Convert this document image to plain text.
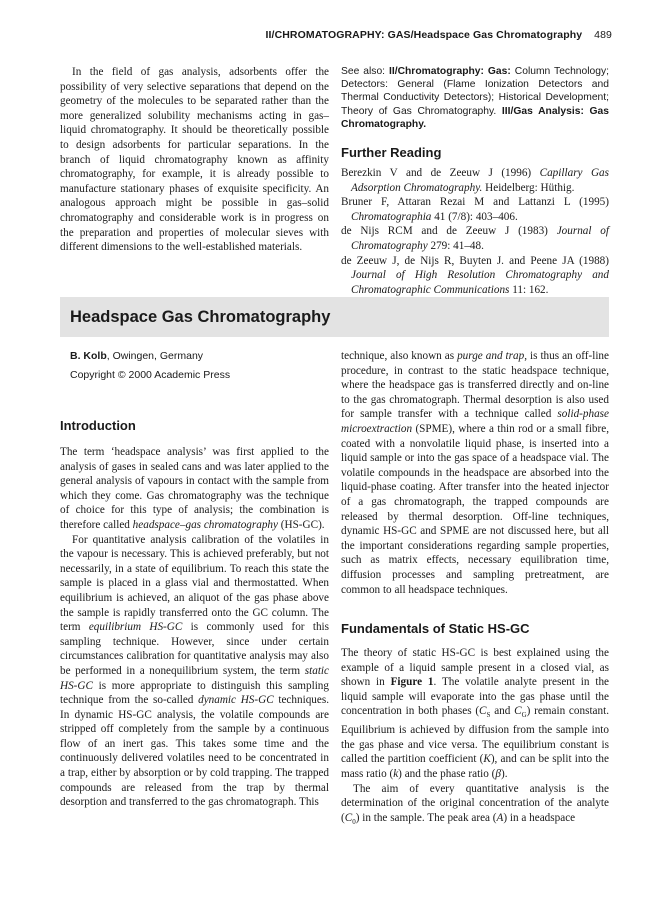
II/CHROMATOGRAPHY: GAS/Headspace Gas Chromatography 489

In the field of gas analysis, adsorbents offer the possibility of very selective separations that depend on the geometry of the molecules to be separated rather than the more generalized solubility mechanisms acting in gas–liquid chromatography. It should be theoretically possible to design adsorbents for particular separations. In the branch of liquid chromatography known as affinity chromatography, for example, it is already possible to manufacture stationary phases of exquisite specificity. An analogous approach might be possible in gas–solid chromatography and considerable work is in progress on the preparation and properties of molecular sieves with different dimensions to the well-established materials.

See also: II/Chromatography: Gas: Column Technology; Detectors: General (Flame Ionization Detectors and Thermal Conductivity Detectors); Historical Development; Theory of Gas Chromatography. III/Gas Analysis: Gas Chromatography.

Further Reading

Berezkin V and de Zeeuw J (1996) Capillary Gas Adsorption Chromatography. Heidelberg: Hüthig.

Bruner F, Attaran Rezai M and Lattanzi L (1995) Chromatographia 41 (7/8): 403–406.

de Nijs RCM and de Zeeuw J (1983) Journal of Chromatography 279: 41–48.

de Zeeuw J, de Nijs R, Buyten J. and Peene JA (1988) Journal of High Resolution Chromatography and Chromatographic Communications 11: 162.

Headspace Gas Chromatography
B. Kolb, Owingen, Germany
Copyright © 2000 Academic Press
Introduction

The term ‘headspace analysis’ was first applied to the analysis of gases in sealed cans and was later applied to the general analysis of vapours in contact with the sample from which they come. Gas chromatography was the technique of choice for this type of analysis; the combination is therefore called headspace–gas chromatography (HS-GC).

For quantitative analysis calibration of the volatiles in the vapour is necessary. This is achieved preferably, but not necessarily, in a state of equilibrium. To reach this state the sample is placed in a glass vial and thermostatted. When equilibrium is achieved, an aliquot of the gas phase above the sample is rapidly transferred onto the GC column. The term equilibrium HS-GC is commonly used for this sampling technique. However, since under certain circumstances calibration for quantitative analysis may also be performed in a nonequilibrium system, the term static HS-GC is more appropriate to distinguish this sampling technique from the so-called dynamic HS-GC techniques. In dynamic HS-GC analysis, the volatile compounds are stripped off completely from the sample by a continuous flow of an inert gas. This takes some time and the continuously delivered volatiles need to be concentrated in a trap, either by absorption or by cold trapping. The trapped compounds are released from the trap by thermal desorption and transferred to the gas chromatograph. This

technique, also known as purge and trap, is thus an off-line procedure, in contrast to the static headspace technique, where the headspace gas is transferred directly and on-line to the gas chromatograph. Thermal desorption is also used for sample transfer with a technique called solid-phase microextraction (SPME), where a thin rod or a small fibre, coated with a nonvolatile liquid phase, is inserted into a liquid sample or into the gas space of a headspace vial. The volatile compounds in the headspace are absorbed into the liquid-phase coating. After transfer into the heated injector of a gas chromatograph, the trapped compounds are released by thermal desorption. Off-line techniques, dynamic HS-GC and SPME are not discussed here, but all the important considerations regarding sample properties, such as matrix effects, necessary equilibration time, diffusion processes and sampling pretreatment, are common to all headspace techniques.

Fundamentals of Static HS-GC

The theory of static HS-GC is best explained using the example of a liquid sample present in a closed vial, as shown in Figure 1. The volatile analyte present in the liquid sample will evaporate into the gas phase until the concentration in both phases ($C_S$ and $C_G$) remain constant. Equilibrium is achieved by diffusion from the sample into the gas phase and vice versa. The equilibrium constant is called the partition coefficient (K), and can be split into the mass ratio (k) and the phase ratio (β).

The aim of every quantitative analysis is the determination of the original concentration of the analyte $(C_0)$ in the sample. The peak area (A) in a headspace
